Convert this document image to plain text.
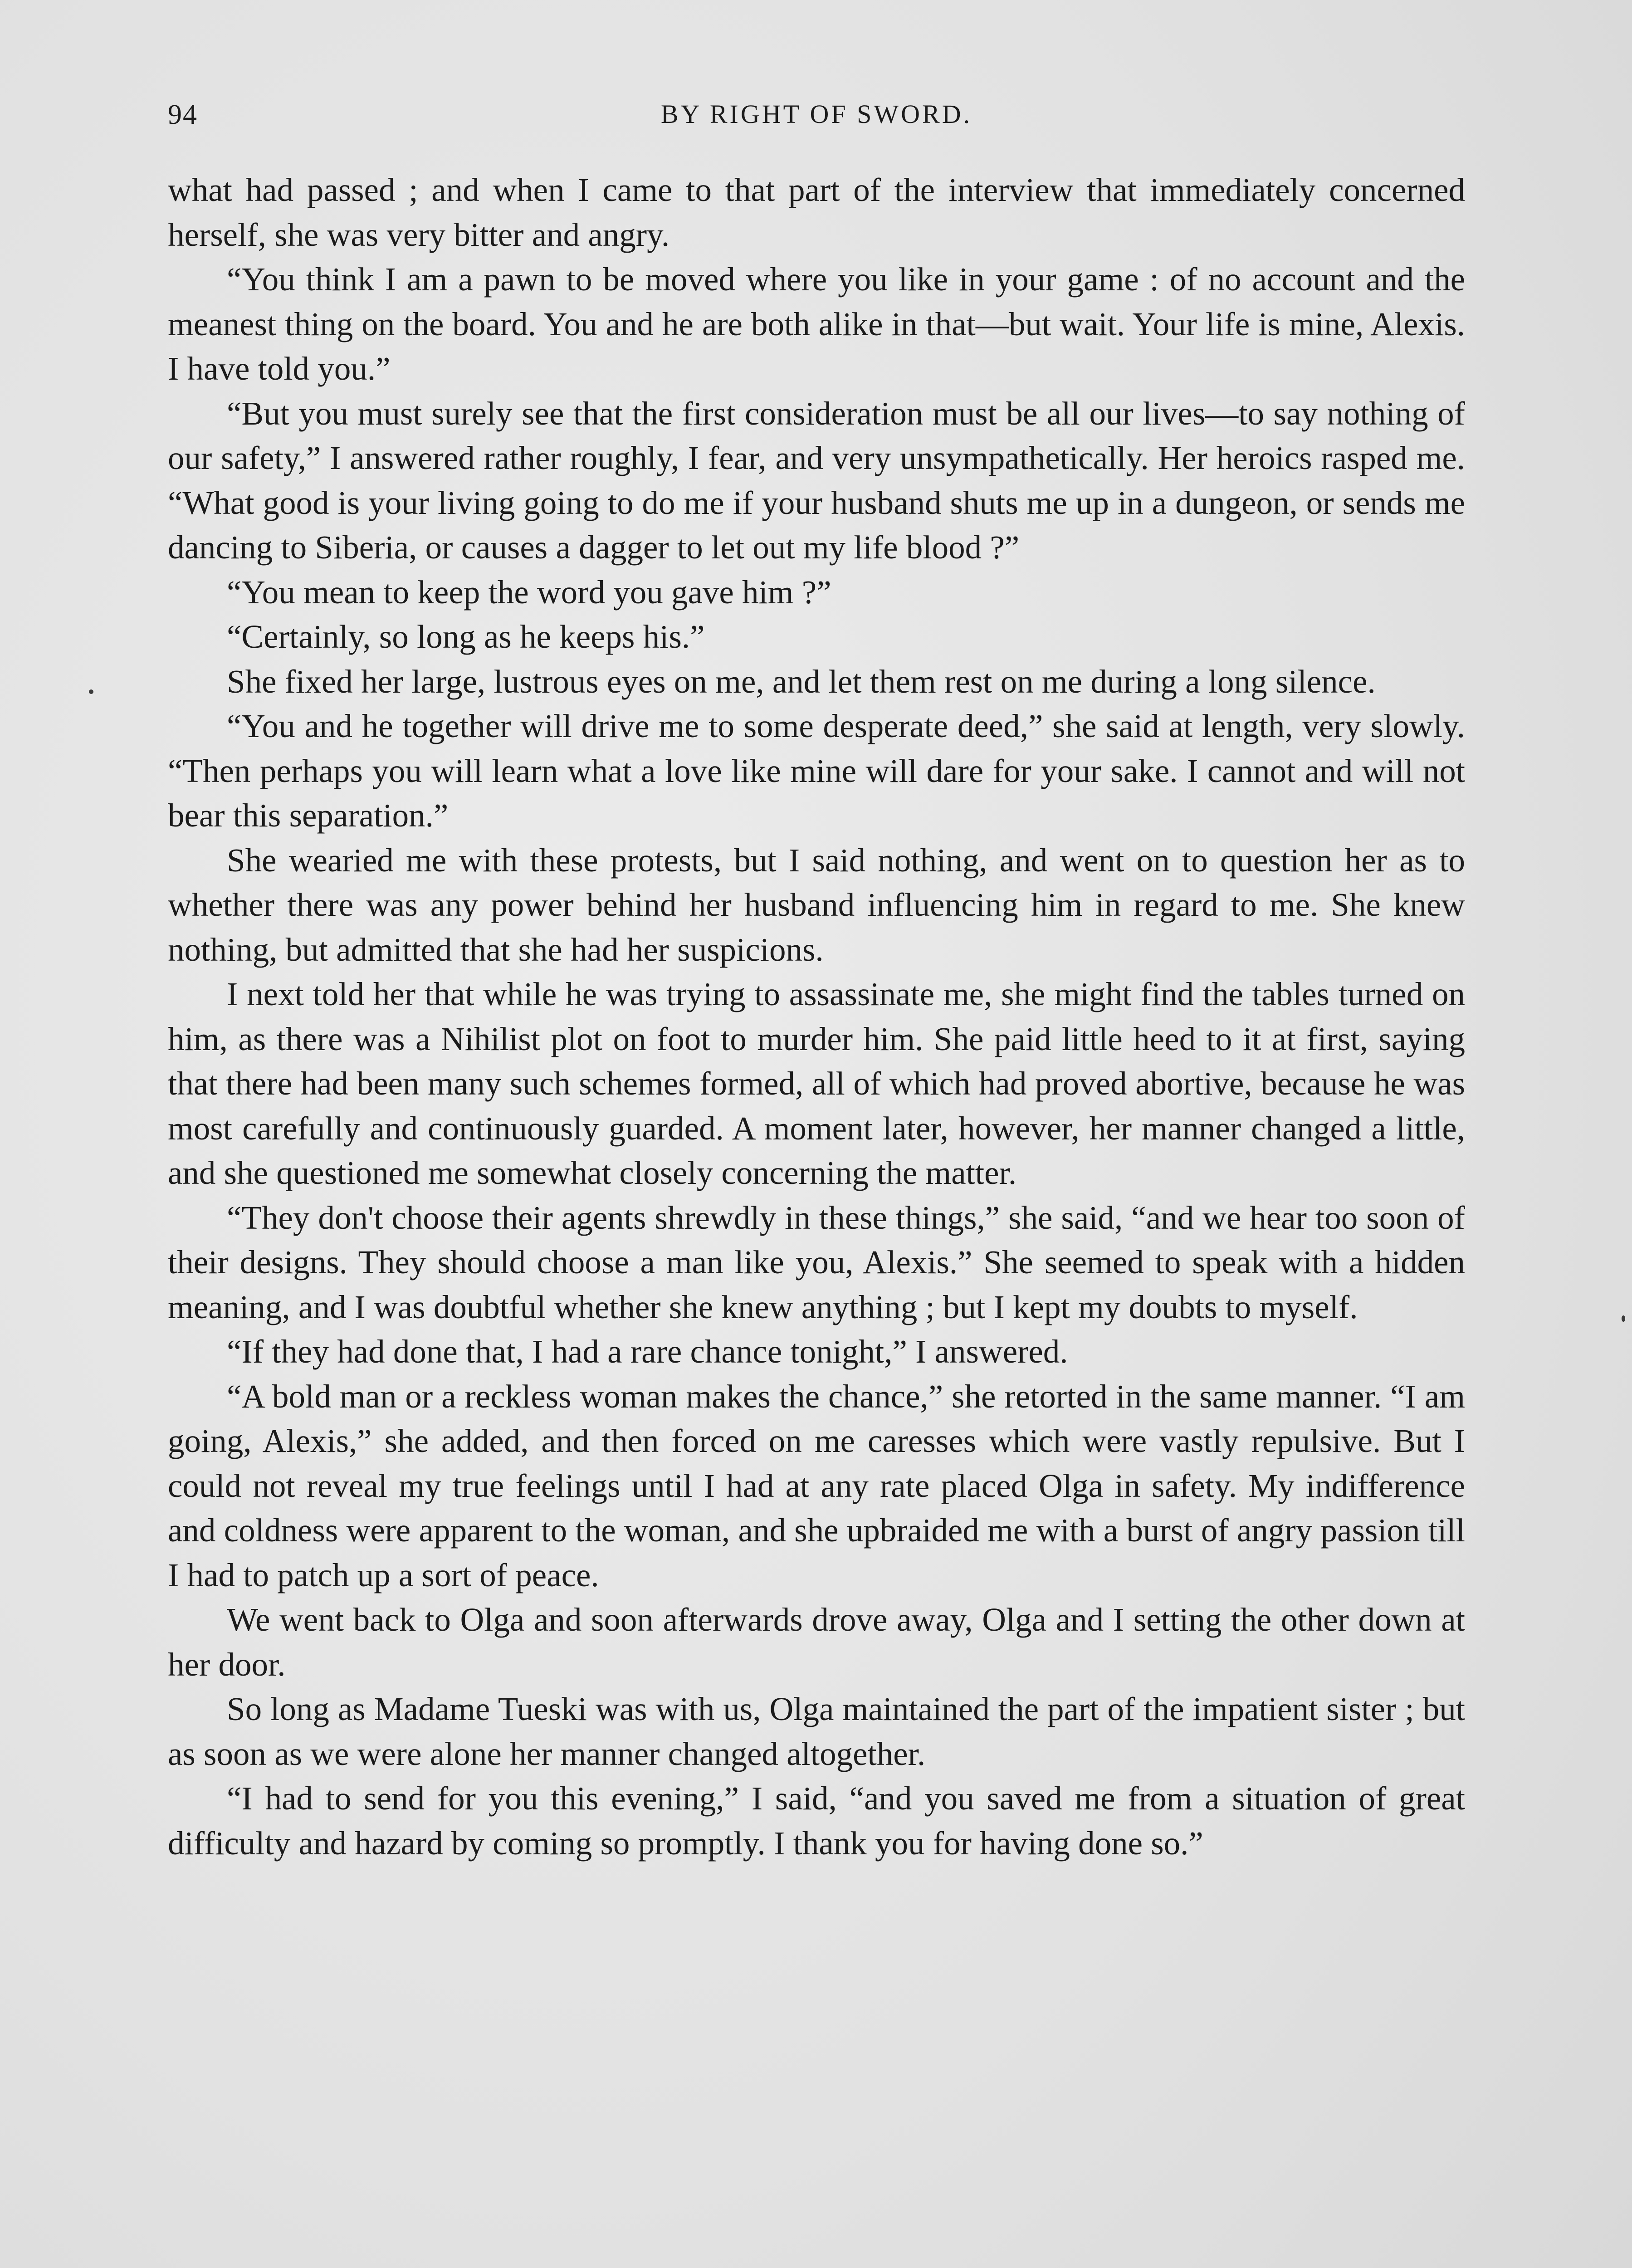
94	BY RIGHT OF SWORD.

what had passed ; and when I came to that part of the interview that immediately concerned herself, she was very bitter and angry.

“You think I am a pawn to be moved where you like in your game : of no account and the meanest thing on the board. You and he are both alike in that—but wait. Your life is mine, Alexis. I have told you.”

“But you must surely see that the first consideration must be all our lives—to say nothing of our safety,” I answered rather roughly, I fear, and very unsympathetically. Her heroics rasped me. “What good is your living going to do me if your husband shuts me up in a dungeon, or sends me dancing to Siberia, or causes a dagger to let out my life blood ?”

“You mean to keep the word you gave him ?”

“Certainly, so long as he keeps his.”

She fixed her large, lustrous eyes on me, and let them rest on me during a long silence.

“You and he together will drive me to some desperate deed,” she said at length, very slowly. “Then perhaps you will learn what a love like mine will dare for your sake. I cannot and will not bear this separation.”

She wearied me with these protests, but I said nothing, and went on to question her as to whether there was any power behind her husband influencing him in regard to me. She knew nothing, but admitted that she had her suspicions.

I next told her that while he was trying to assassinate me, she might find the tables turned on him, as there was a Nihilist plot on foot to murder him. She paid little heed to it at first, saying that there had been many such schemes formed, all of which had proved abortive, because he was most carefully and continuously guarded. A moment later, however, her manner changed a little, and she questioned me somewhat closely concerning the matter.

“They don't choose their agents shrewdly in these things,” she said, “and we hear too soon of their designs. They should choose a man like you, Alexis.” She seemed to speak with a hidden meaning, and I was doubtful whether she knew anything ; but I kept my doubts to myself.

“If they had done that, I had a rare chance tonight,” I answered.

“A bold man or a reckless woman makes the chance,” she retorted in the same manner. “I am going, Alexis,” she added, and then forced on me caresses which were vastly repulsive. But I could not reveal my true feelings until I had at any rate placed Olga in safety. My indifference and coldness were apparent to the woman, and she upbraided me with a burst of angry passion till I had to patch up a sort of peace.

We went back to Olga and soon afterwards drove away, Olga and I setting the other down at her door.

So long as Madame Tueski was with us, Olga maintained the part of the impatient sister ; but as soon as we were alone her manner changed altogether.

“I had to send for you this evening,” I said, “and you saved me from a situation of great difficulty and hazard by coming so promptly. I thank you for having done so.”
